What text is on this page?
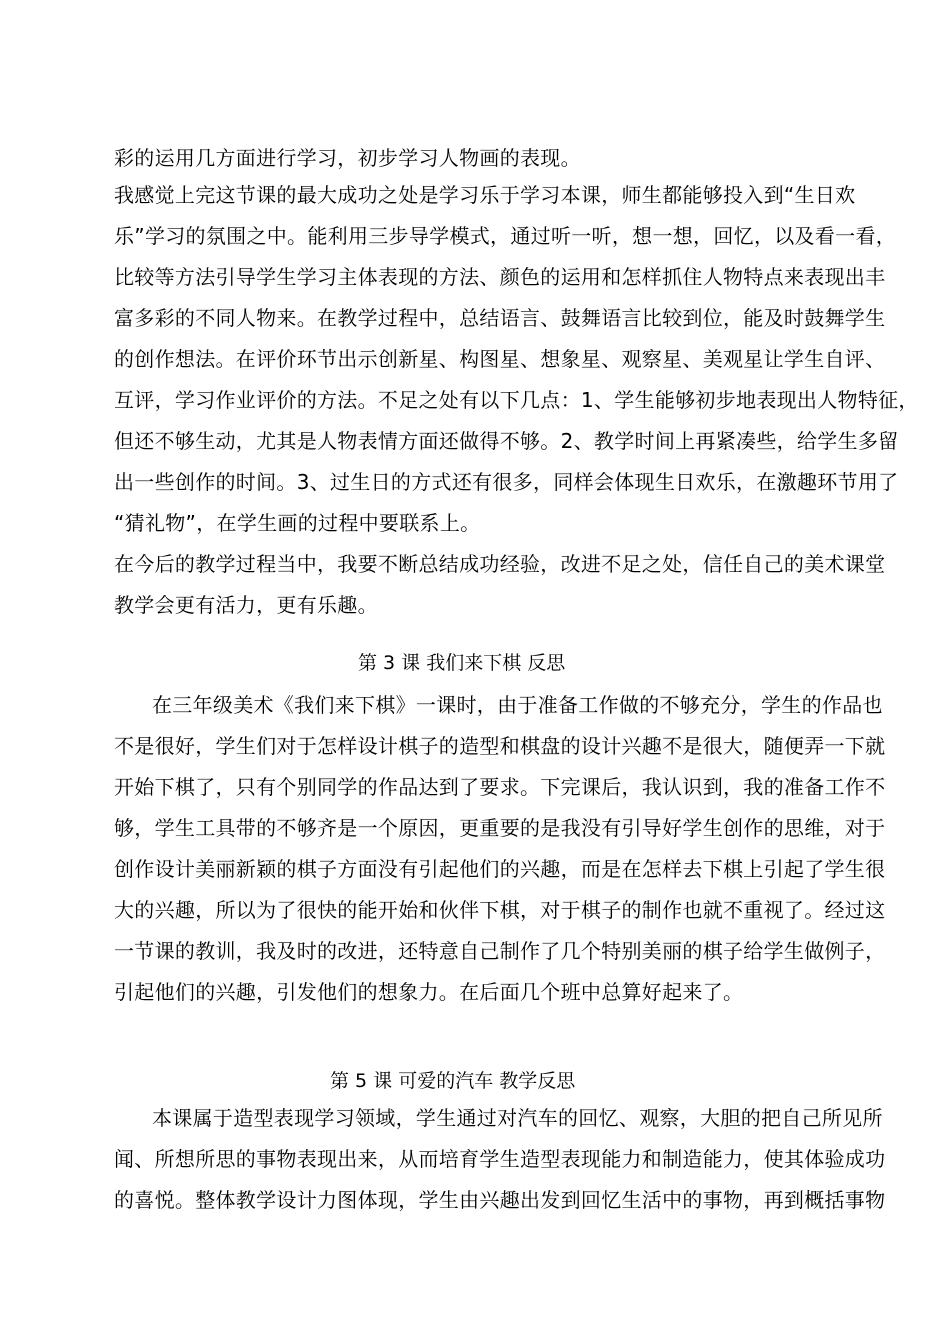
彩的运用几方面进行学习，初步学习人物画的表现。
我感觉上完这节课的最大成功之处是学习乐于学习本课，师生都能够投入到“生日欢
乐”学习的氛围之中。能利用三步导学模式，通过听一听，想一想，回忆，以及看一看，
比较等方法引导学生学习主体表现的方法、颜色的运用和怎样抓住人物特点来表现出丰
富多彩的不同人物来。在教学过程中，总结语言、鼓舞语言比较到位，能及时鼓舞学生
的创作想法。在评价环节出示创新星、构图星、想象星、观察星、美观星让学生自评、
互评，学习作业评价的方法。不足之处有以下几点：1、学生能够初步地表现出人物特征，
但还不够生动，尤其是人物表情方面还做得不够。2、教学时间上再紧凑些，给学生多留
出一些创作的时间。3、过生日的方式还有很多，同样会体现生日欢乐，在激趣环节用了
“猜礼物”，在学生画的过程中要联系上。
在今后的教学过程当中，我要不断总结成功经验，改进不足之处，信任自己的美术课堂
教学会更有活力，更有乐趣。
第 3 课 我们来下棋 反思
在三年级美术《我们来下棋》一课时，由于准备工作做的不够充分，学生的作品也
不是很好，学生们对于怎样设计棋子的造型和棋盘的设计兴趣不是很大，随便弄一下就
开始下棋了，只有个别同学的作品达到了要求。下完课后，我认识到，我的准备工作不
够，学生工具带的不够齐是一个原因，更重要的是我没有引导好学生创作的思维，对于
创作设计美丽新颖的棋子方面没有引起他们的兴趣，而是在怎样去下棋上引起了学生很
大的兴趣，所以为了很快的能开始和伙伴下棋，对于棋子的制作也就不重视了。经过这
一节课的教训，我及时的改进，还特意自己制作了几个特别美丽的棋子给学生做例子，
引起他们的兴趣，引发他们的想象力。在后面几个班中总算好起来了。
第 5 课 可爱的汽车 教学反思
本课属于造型表现学习领域，学生通过对汽车的回忆、观察，大胆的把自己所见所
闻、所想所思的事物表现出来，从而培育学生造型表现能力和制造能力，使其体验成功
的喜悦。整体教学设计力图体现，学生由兴趣出发到回忆生活中的事物，再到概括事物
